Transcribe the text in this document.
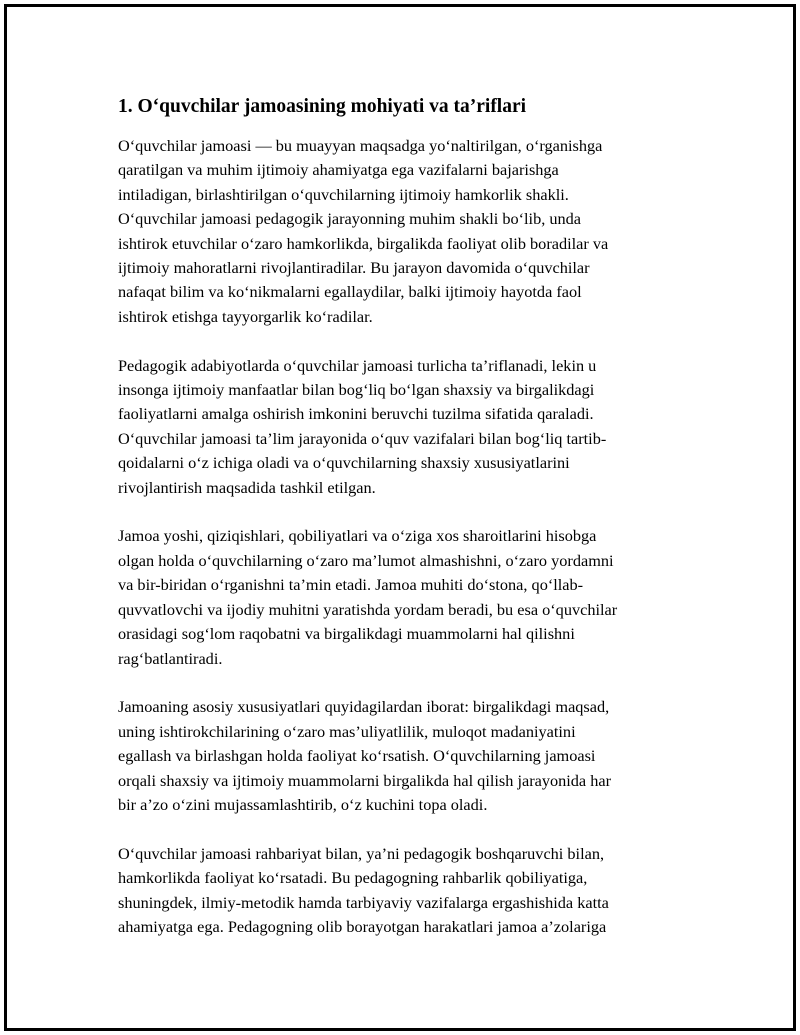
1. O‘quvchilar jamoasining mohiyati va ta’riflari

O‘quvchilar jamoasi — bu muayyan maqsadga yo‘naltirilgan, o‘rganishga
qaratilgan va muhim ijtimoiy ahamiyatga ega vazifalarni bajarishga
intiladigan, birlashtirilgan o‘quvchilarning ijtimoiy hamkorlik shakli.
O‘quvchilar jamoasi pedagogik jarayonning muhim shakli bo‘lib, unda
ishtirok etuvchilar o‘zaro hamkorlikda, birgalikda faoliyat olib boradilar va
ijtimoiy mahoratlarni rivojlantiradilar. Bu jarayon davomida o‘quvchilar
nafaqat bilim va ko‘nikmalarni egallaydilar, balki ijtimoiy hayotda faol
ishtirok etishga tayyorgarlik ko‘radilar.

Pedagogik adabiyotlarda o‘quvchilar jamoasi turlicha ta’riflanadi, lekin u
insonga ijtimoiy manfaatlar bilan bog‘liq bo‘lgan shaxsiy va birgalikdagi
faoliyatlarni amalga oshirish imkonini beruvchi tuzilma sifatida qaraladi.
O‘quvchilar jamoasi ta’lim jarayonida o‘quv vazifalari bilan bog‘liq tartib-
qoidalarni o‘z ichiga oladi va o‘quvchilarning shaxsiy xususiyatlarini
rivojlantirish maqsadida tashkil etilgan.

Jamoa yoshi, qiziqishlari, qobiliyatlari va o‘ziga xos sharoitlarini hisobga
olgan holda o‘quvchilarning o‘zaro ma’lumot almashishni, o‘zaro yordamni
va bir-biridan o‘rganishni ta’min etadi. Jamoa muhiti do‘stona, qo‘llab-
quvvatlovchi va ijodiy muhitni yaratishda yordam beradi, bu esa o‘quvchilar
orasidagi sog‘lom raqobatni va birgalikdagi muammolarni hal qilishni
rag‘batlantiradi.

Jamoaning asosiy xususiyatlari quyidagilardan iborat: birgalikdagi maqsad,
uning ishtirokchilarining o‘zaro mas’uliyatlilik, muloqot madaniyatini
egallash va birlashgan holda faoliyat ko‘rsatish. O‘quvchilarning jamoasi
orqali shaxsiy va ijtimoiy muammolarni birgalikda hal qilish jarayonida har
bir a’zo o‘zini mujassamlashtirib, o‘z kuchini topa oladi.

O‘quvchilar jamoasi rahbariyat bilan, ya’ni pedagogik boshqaruvchi bilan,
hamkorlikda faoliyat ko‘rsatadi. Bu pedagogning rahbarlik qobiliyatiga,
shuningdek, ilmiy-metodik hamda tarbiyaviy vazifalarga ergashishida katta
ahamiyatga ega. Pedagogning olib borayotgan harakatlari jamoa a’zolariga
